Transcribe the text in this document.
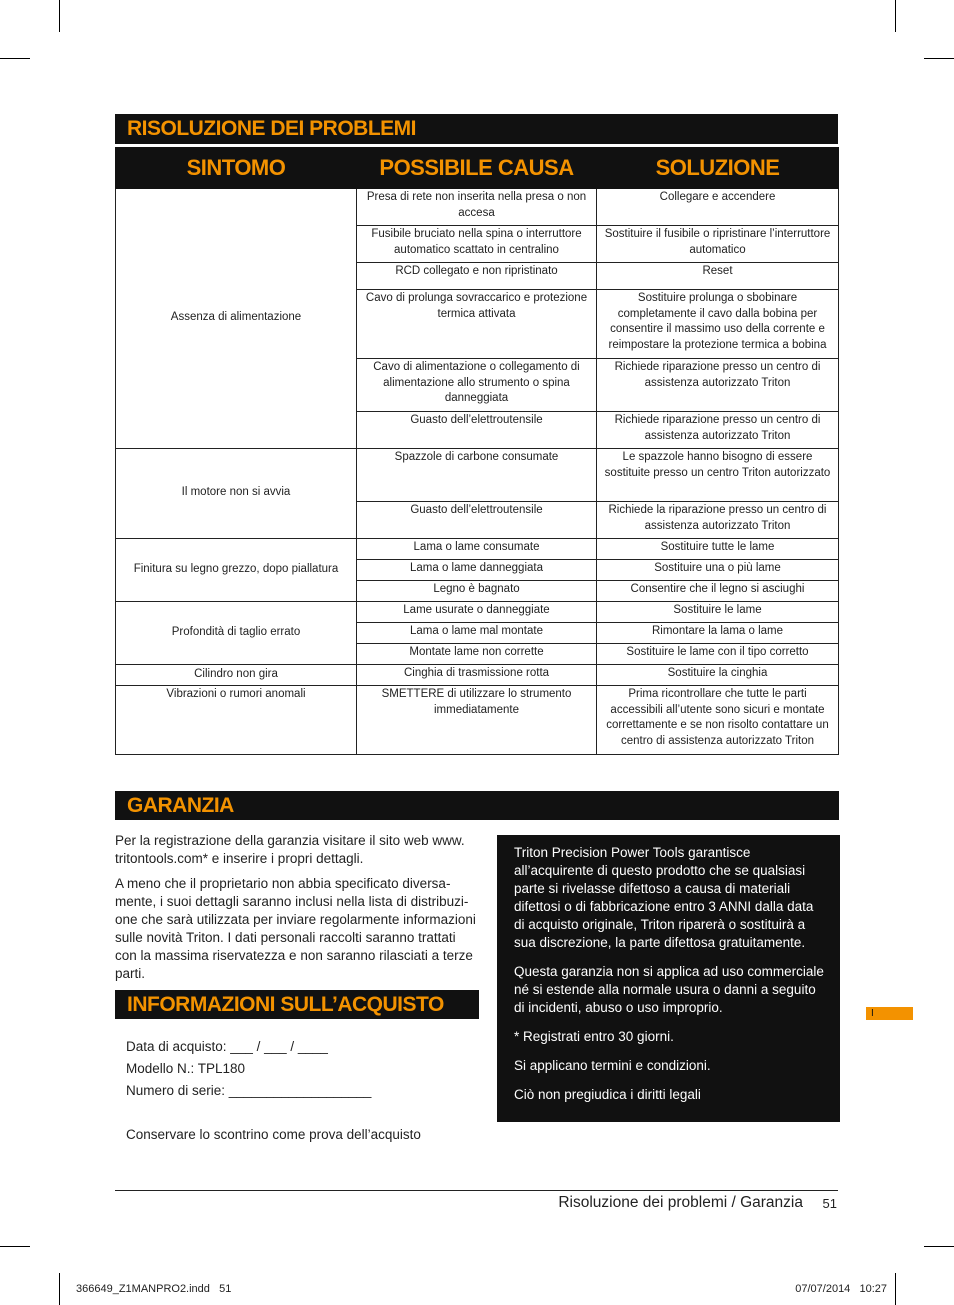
RISOLUZIONE DEI PROBLEMI
SINTOMO	POSSIBILE CAUSA	SOLUZIONE
Assenza di alimentazione	Presa di rete non inserita nella presa o non accesa	Collegare e accendere
	Fusibile bruciato nella spina o interruttore automatico scattato in centralino	Sostituire il fusibile o ripristinare l’interruttore automatico
	RCD collegato e non ripristinato	Reset
	Cavo di prolunga sovraccarico e protezione termica attivata	Sostituire prolunga o sbobinare completamente il cavo dalla bobina per consentire il massimo uso della corrente e reimpostare la protezione termica a bobina
	Cavo di alimentazione o collegamento di alimentazione allo strumento o spina danneggiata	Richiede riparazione presso un centro di assistenza autorizzato Triton
	Guasto dell’elettroutensile	Richiede riparazione presso un centro di assistenza autorizzato Triton
Il motore non si avvia	Spazzole di carbone consumate	Le spazzole hanno bisogno di essere sostituite presso un centro Triton autorizzato
	Guasto dell’elettroutensile	Richiede la riparazione presso un centro di assistenza autorizzato Triton
Finitura su legno grezzo, dopo piallatura	Lama o lame consumate	Sostituire tutte le lame
	Lama o lame danneggiata	Sostituire una o più lame
	Legno è bagnato	Consentire che il legno si asciughi
Profondità di taglio errato	Lame usurate o danneggiate	Sostituire le lame
	Lama o lame mal montate	Rimontare la lama o lame
	Montate lame non corrette	Sostituire le lame con il tipo corretto
Cilindro non gira	Cinghia di trasmissione rotta	Sostituire la cinghia
Vibrazioni o rumori anomali	SMETTERE di utilizzare lo strumento immediatamente	Prima ricontrollare che tutte le parti accessibili all’utente sono sicuri e montate correttamente e se non risolto contattare un centro di assistenza autorizzato Triton
GARANZIA

Per la registrazione della garanzia visitare il sito web www. tritontools.com* e inserire i propri dettagli.

A meno che il proprietario non abbia specificato diversa-mente, i suoi dettagli saranno inclusi nella lista di distribuzi-one che sarà utilizzata per inviare regolarmente informazioni sulle novità Triton. I dati personali raccolti saranno trattati con la massima riservatezza e non saranno rilasciati a terze parti.

INFORMAZIONI SULL’ACQUISTO
Data di acquisto: ___ / ___ / ____
Modello N.: TPL180
Numero di serie: ___________________
Conservare lo scontrino come prova dell’acquisto

Triton Precision Power Tools garantisce all’acquirente di questo prodotto che se qualsiasi parte si rivelasse difettoso a causa di materiali difettosi o di fabbricazione entro 3 ANNI dalla data di acquisto originale, Triton riparerà o sostituirà a sua discrezione, la parte difettosa gratuitamente.

Questa garanzia non si applica ad uso commerciale né si estende alla normale usura o danni a seguito di incidenti, abuso o uso improprio.

* Registrati entro 30 giorni.

Si applicano termini e condizioni.

Ciò non pregiudica i diritti legali

I
Risoluzione dei problemi / Garanzia 51
366649_Z1MANPRO2.indd   51	07/07/2014   10:27
